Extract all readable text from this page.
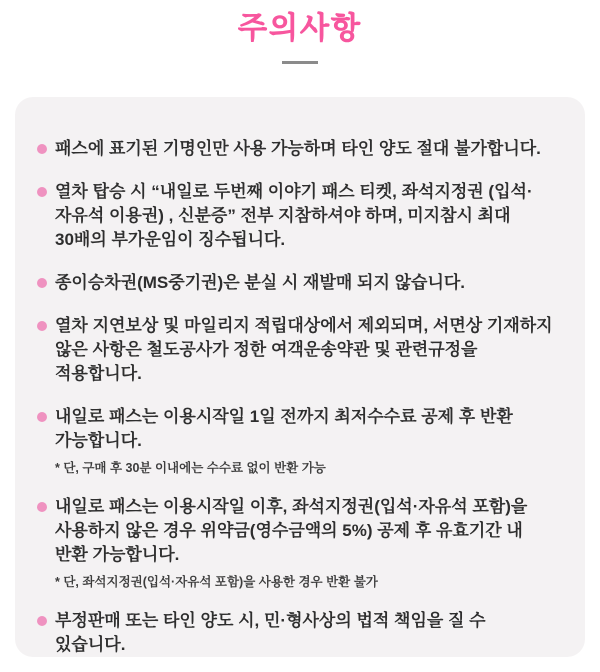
주의사항

패스에 표기된 기명인만 사용 가능하며 타인 양도 절대 불가합니다.

열차 탑승 시 “내일로 두번째 이야기 패스 티켓, 좌석지정권 (입석·자유석 이용권) , 신분증” 전부 지참하셔야 하며, 미지참시 최대 30배의 부가운임이 징수됩니다.

종이승차권(MS중기권)은 분실 시 재발매 되지 않습니다.

열차 지연보상 및 마일리지 적립대상에서 제외되며, 서면상 기재하지 않은 사항은 철도공사가 정한 여객운송약관 및 관련규정을 적용합니다.

내일로 패스는 이용시작일 1일 전까지 최저수수료 공제 후 반환 가능합니다.

* 단, 구매 후 30분 이내에는 수수료 없이 반환 가능

내일로 패스는 이용시작일 이후, 좌석지정권(입석·자유석 포함)을 사용하지 않은 경우 위약금(영수금액의 5%) 공제 후 유효기간 내 반환 가능합니다.

* 단, 좌석지정권(입석·자유석 포함)을 사용한 경우 반환 불가

부정판매 또는 타인 양도 시, 민·형사상의 법적 책임을 질 수 있습니다.
